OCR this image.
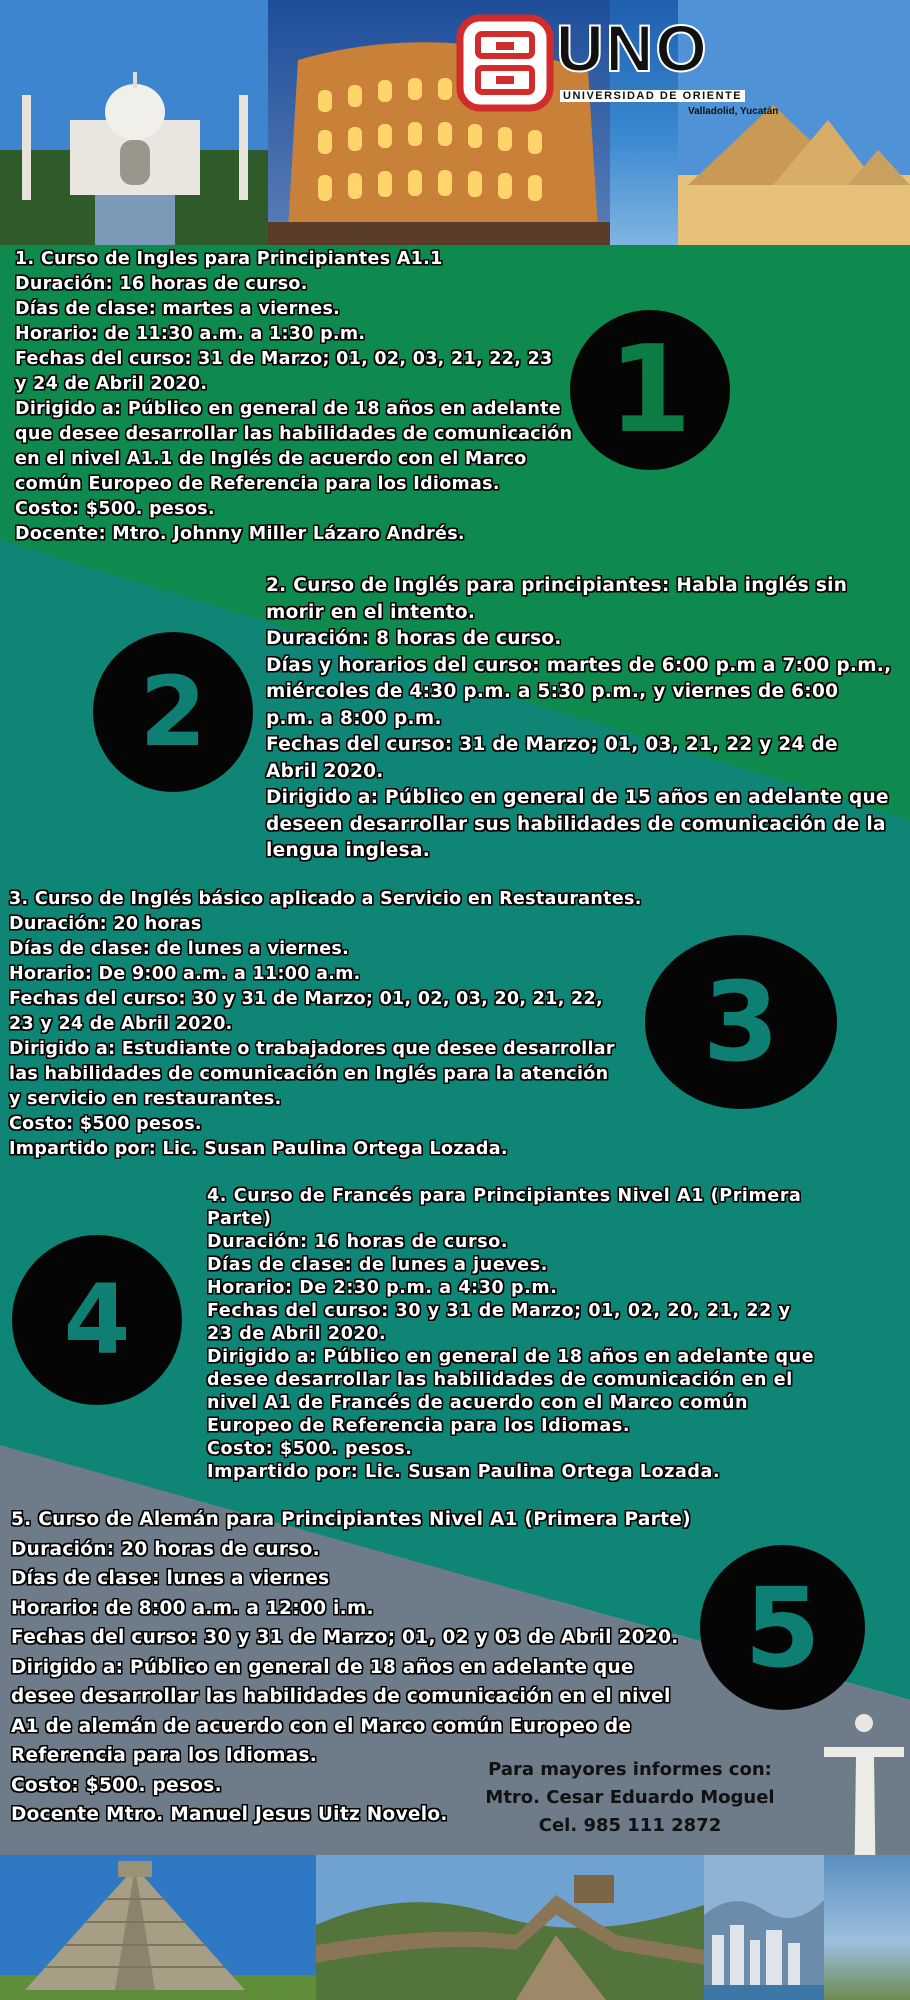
UNO
UNIVERSIDAD DE ORIENTE
Valladolid, Yucatán
1
2
3
4
5
1. Curso de Ingles para Principiantes A1.1
Duración: 16 horas de curso.
Días de clase: martes a viernes.
Horario: de 11:30 a.m. a 1:30 p.m.
Fechas del curso: 31 de Marzo; 01, 02, 03, 21, 22, 23
y 24 de Abril 2020.
Dirigido a: Público en general de 18 años en adelante
que desee desarrollar las habilidades de comunicación
en el nivel A1.1 de Inglés de acuerdo con el Marco
común Europeo de Referencia para los Idiomas.
Costo: $500. pesos.
Docente: Mtro. Johnny Miller Lázaro Andrés.
2. Curso de Inglés para principiantes: Habla inglés sin
morir en el intento.
Duración: 8 horas de curso.
Días y horarios del curso: martes de 6:00 p.m a 7:00 p.m.,
miércoles de 4:30 p.m. a 5:30 p.m., y viernes de 6:00
p.m. a 8:00 p.m.
Fechas del curso: 31 de Marzo; 01, 03, 21, 22 y 24 de
Abril 2020.
Dirigido a: Público en general de 15 años en adelante que
deseen desarrollar sus habilidades de comunicación de la
lengua inglesa.
3. Curso de Inglés básico aplicado a Servicio en Restaurantes.
Duración: 20 horas
Días de clase: de lunes a viernes.
Horario: De 9:00 a.m. a 11:00 a.m.
Fechas del curso: 30 y 31 de Marzo; 01, 02, 03, 20, 21, 22,
23 y 24 de Abril 2020.
Dirigido a: Estudiante o trabajadores que desee desarrollar
las habilidades de comunicación en Inglés para la atención
y servicio en restaurantes.
Costo: $500 pesos.
Impartido por: Lic. Susan Paulina Ortega Lozada.
4. Curso de Francés para Principiantes Nivel A1 (Primera
Parte)
Duración: 16 horas de curso.
Días de clase: de lunes a jueves.
Horario: De 2:30 p.m. a 4:30 p.m.
Fechas del curso: 30 y 31 de Marzo; 01, 02, 20, 21, 22 y
23 de Abril 2020.
Dirigido a: Público en general de 18 años en adelante que
desee desarrollar las habilidades de comunicación en el
nivel A1 de Francés de acuerdo con el Marco común
Europeo de Referencia para los Idiomas.
Costo: $500. pesos.
Impartido por: Lic. Susan Paulina Ortega Lozada.
5. Curso de Alemán para Principiantes Nivel A1 (Primera Parte)
Duración: 20 horas de curso.
Días de clase: lunes a viernes
Horario: de 8:00 a.m. a 12:00 i.m.
Fechas del curso: 30 y 31 de Marzo; 01, 02 y 03 de Abril 2020.
Dirigido a: Público en general de 18 años en adelante que
desee desarrollar las habilidades de comunicación en el nivel
A1 de alemán de acuerdo con el Marco común Europeo de
Referencia para los Idiomas.
Costo: $500. pesos.
Docente Mtro. Manuel Jesus Uitz Novelo.
Para mayores informes con:
Mtro. Cesar Eduardo Moguel
Cel. 985 111 2872
